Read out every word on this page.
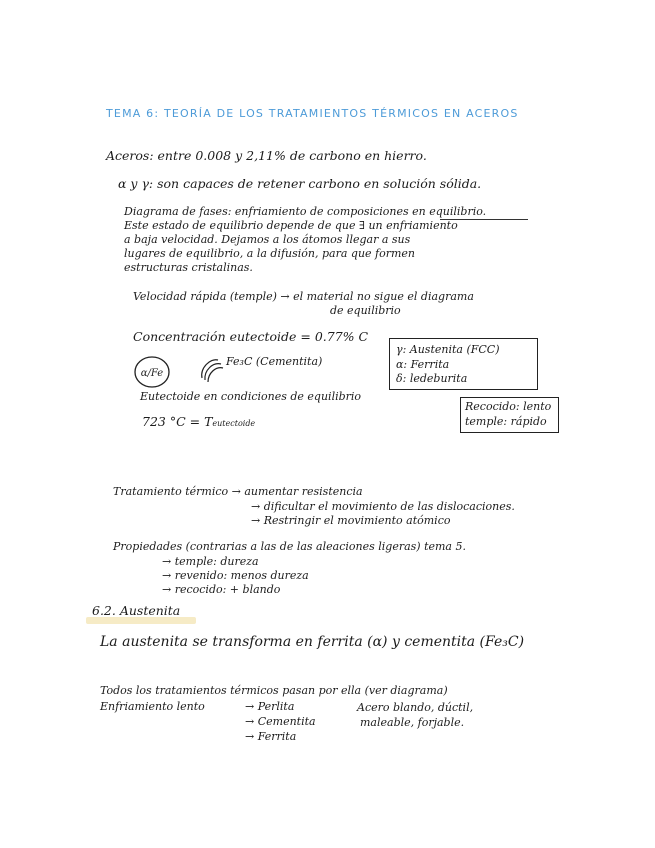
TEMA 6: TEORÍA DE LOS TRATAMIENTOS TÉRMICOS EN ACEROS
Aceros: entre 0.008 y 2,11% de carbono en hierro.
α y γ: son capaces de retener carbono en solución sólida.
Diagrama de fases: enfriamiento de composiciones en equilibrio.
Este estado de equilibrio depende de que ∃ un enfriamiento
a baja velocidad. Dejamos a los átomos llegar a sus
lugares de equilibrio, a la difusión, para que formen
estructuras cristalinas.
Velocidad rápida (temple) → el material no sigue el diagrama
de equilibrio
Concentración eutectoide = 0.77% C
α/Fe
Fe₃C (Cementita)
γ: Austenita (FCC)
α: Ferrita
δ: ledeburita
Eutectoide en condiciones de equilibrio
723 °C = Teutectoide
Recocido: lento
temple: rápido
Tratamiento térmico → aumentar resistencia
→ dificultar el movimiento de las dislocaciones.
→ Restringir el movimiento atómico
Propiedades (contrarias a las de las aleaciones ligeras) tema 5.
→ temple: dureza
→ revenido: menos dureza
→ recocido: + blando
6.2. Austenita
La austenita se transforma en ferrita (α) y cementita (Fe₃C)
Todos los tratamientos térmicos pasan por ella (ver diagrama)
Enfriamiento lento	→ Perlita
→ Cementita
→ Ferrita
Acero blando, dúctil,
maleable, forjable.
